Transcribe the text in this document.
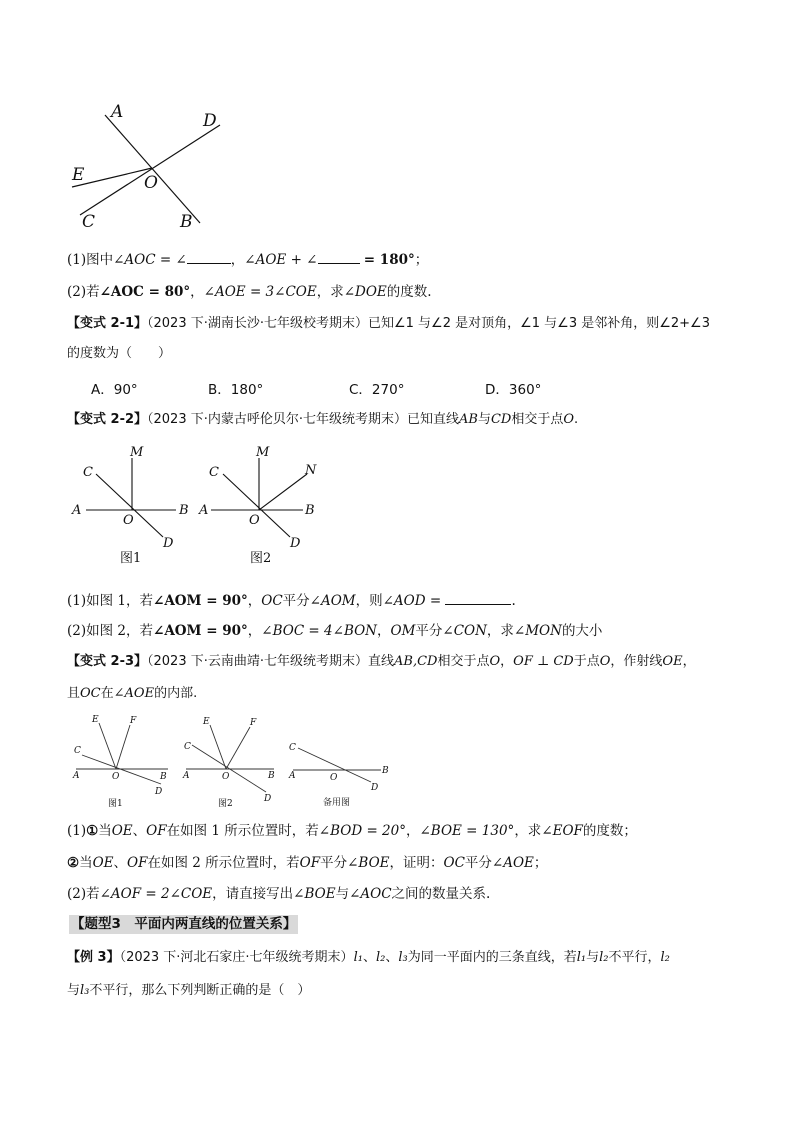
A	D
E	O
C	B
(1)图中∠AOC = ∠	，∠AOE + ∠	= 180°；
(2)若∠AOC = 80°，∠AOE = 3∠COE，求∠DOE的度数.
【变式 2-1】（2023 下·湖南长沙·七年级校考期末）已知∠1 与∠2 是对顶角，∠1 与∠3 是邻补角，则∠2+∠3
的度数为（　　）
A．90°	B．180°	C．270°	D．360°
【变式 2-2】（2023 下·内蒙古呼伦贝尔·七年级统考期末）已知直线AB与CD相交于点O.
C
M
A
O
B
D
图1
C
M
N
A
O
B
D
图2
(1)如图 1，若∠AOM = 90°，OC平分∠AOM，则∠AOD =	.
(2)如图 2，若∠AOM = 90°，∠BOC = 4∠BON，OM平分∠CON，求∠MON的大小
【变式 2-3】（2023 下·云南曲靖·七年级统考期末）直线AB,CD相交于点O，OF ⊥ CD于点O，作射线OE，
且OC在∠AOE的内部.
E	F
C
A	O	B
D
图1
E	F
C
A	O	B
D
图2
C
A	O
B
D
备用图
(1)①当OE、OF在如图 1 所示位置时，若∠BOD = 20°，∠BOE = 130°，求∠EOF的度数；
②当OE、OF在如图 2 所示位置时，若OF平分∠BOE，证明：OC平分∠AOE；
(2)若∠AOF = 2∠COE，请直接写出∠BOE与∠AOC之间的数量关系.
【题型3　平面内两直线的位置关系】
【例 3】（2023 下·河北石家庄·七年级统考期末）l₁、l₂、l₃为同一平面内的三条直线，若l₁与l₂不平行，l₂
与l₃不平行，那么下列判断正确的是（　）
